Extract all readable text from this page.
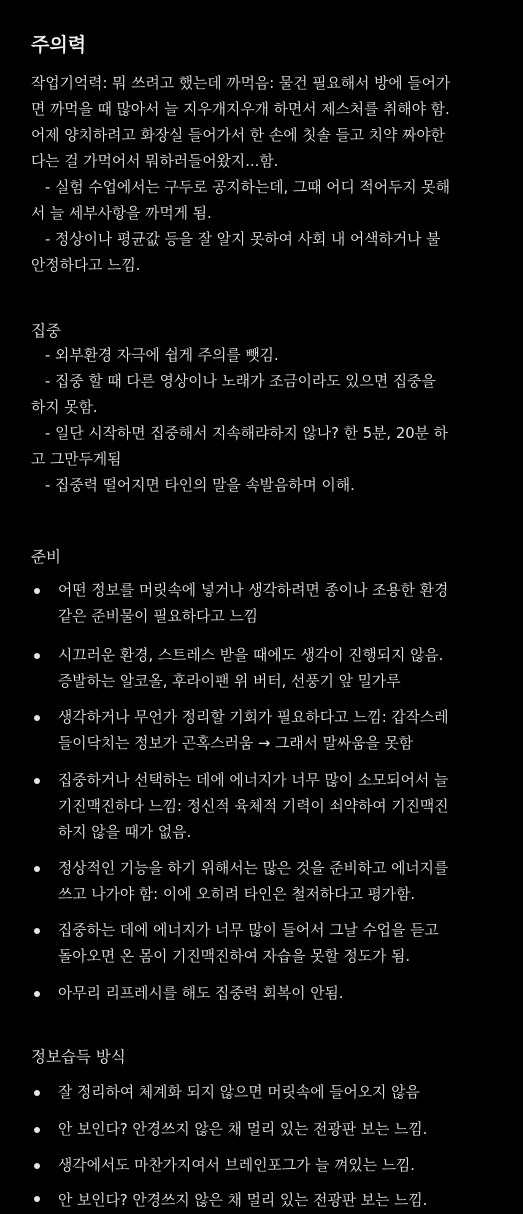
주의력
작업기억력: 뭐 쓰려고 했는데 까먹음: 물건 필요해서 방에 들어가
면 까먹을 때 많아서 늘 지우개지우개 하면서 제스처를 취해야 함.
어제 양치하려고 화장실 들어가서 한 손에 칫솔 들고 치약 짜야한
다는 걸 가먹어서 뭐하러들어왔지...함.
- 실험 수업에서는 구두로 공지하는데, 그때 어디 적어두지 못해
서 늘 세부사항을 까먹게 됨.
- 정상이나 평균값 등을 잘 알지 못하여 사회 내 어색하거나 불
안정하다고 느낌.
집중
- 외부환경 자극에 쉽게 주의를 뺏김.
- 집중 할 때 다른 영상이나 노래가 조금이라도 있으면 집중을
하지 못함.
- 일단 시작하면 집중해서 지속해랴하지 않나? 한 5분, 20분 하
고 그만두게됨
- 집중력 떨어지면 타인의 말을 속발음하며 이해.
준비
어떤 정보를 머릿속에 넣거나 생각하려면 종이나 조용한 환경
같은 준비물이 필요하다고 느낌
시끄러운 환경, 스트레스 받을 때에도 생각이 진행되지 않음.
증발하는 알코올, 후라이팬 위 버터, 선풍기 앞 밀가루
생각하거나 무언가 정리할 기회가 필요하다고 느낌: 갑작스레
들이닥치는 정보가 곤혹스러움 → 그래서 말싸움을 못함
집중하거나 선택하는 데에 에너지가 너무 많이 소모되어서 늘
기진맥진하다 느낌: 정신적 육체적 기력이 쇠약하여 기진맥진
하지 않을 때가 없음.
정상적인 기능을 하기 위해서는 많은 것을 준비하고 에너지를
쓰고 나가야 함: 이에 오히려 타인은 철저하다고 평가함.
집중하는 데에 에너지가 너무 많이 들어서 그날 수업을 듣고
돌아오면 온 몸이 기진맥진하여 자습을 못할 정도가 됨.
아무리 리프레시를 해도 집중력 회복이 안됨.
정보습득 방식
잘 정리하여 체계화 되지 않으면 머릿속에 들어오지 않음
안 보인다? 안경쓰지 않은 채 멀리 있는 전광판 보는 느낌.
생각에서도 마찬가지여서 브레인포그가 늘 껴있는 느낌.
안 보인다? 안경쓰지 않은 채 멀리 있는 전광판 보는 느낌.
